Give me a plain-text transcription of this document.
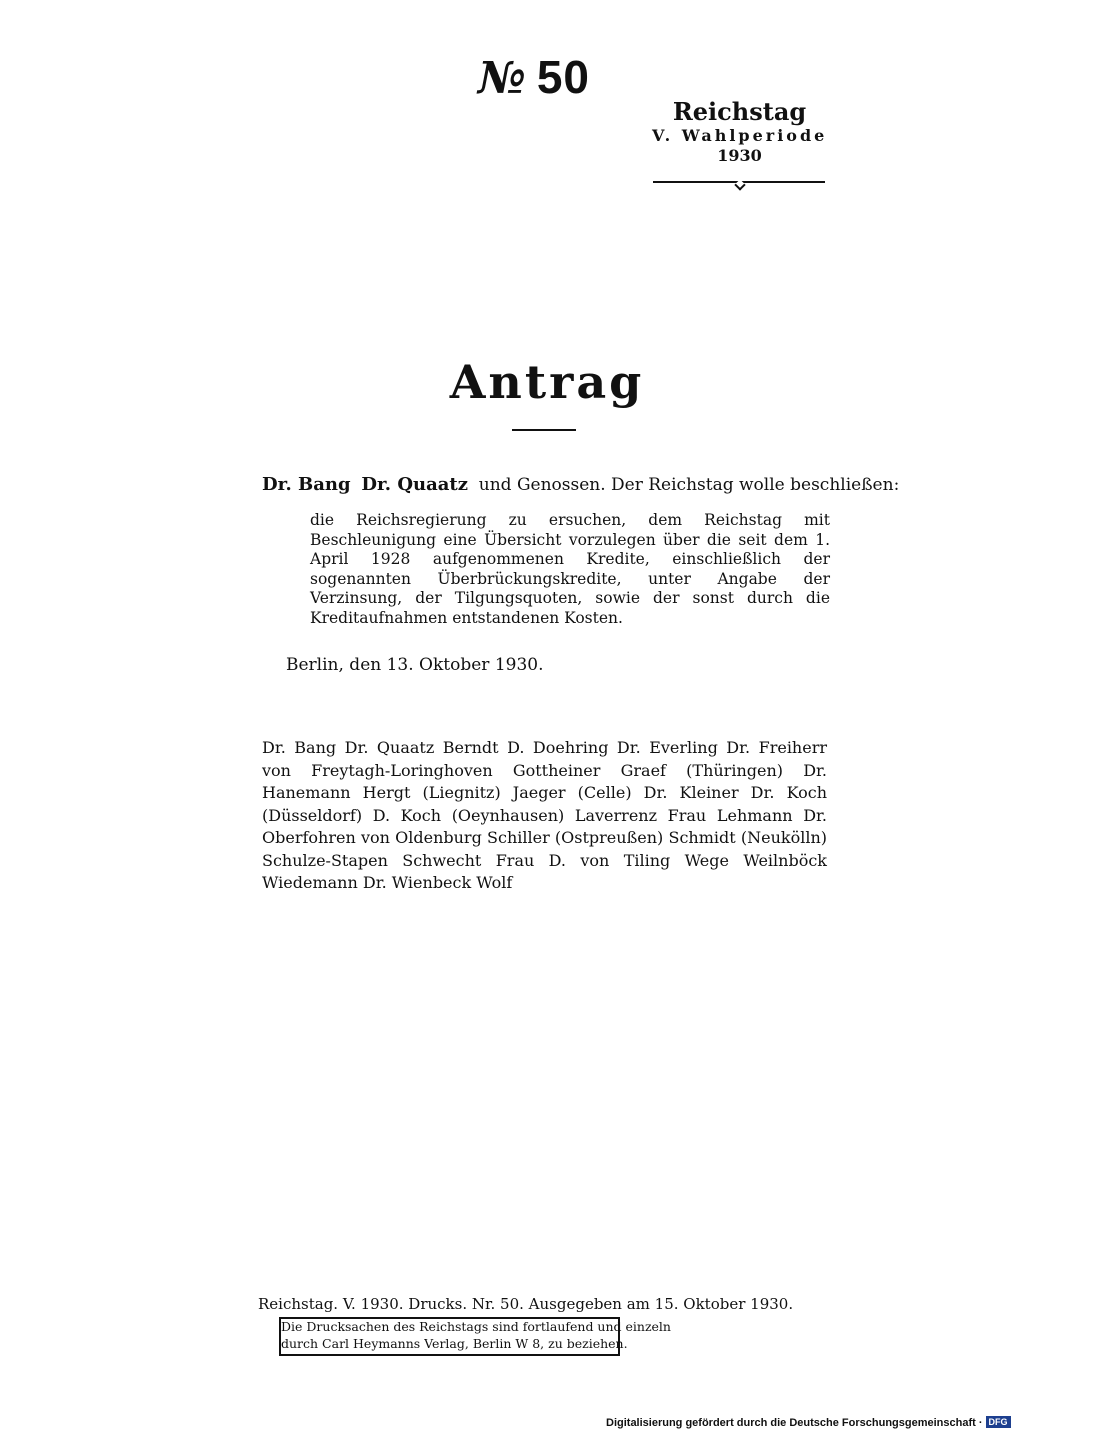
№ 50
Reichstag
V. Wahlperiode
1930
Antrag
Dr. Bang Dr. Quaatz und Genossen. Der Reichstag wolle beschließen:
die Reichsregierung zu ersuchen, dem Reichstag mit Beschleunigung eine Übersicht vorzulegen über die seit dem 1. April 1928 aufgenommenen Kredite, einschließlich der sogenannten Überbrückungskredite, unter Angabe der Verzinsung, der Tilgungsquoten, sowie der sonst durch die Kreditaufnahmen entstandenen Kosten.
Berlin, den 13. Oktober 1930.
Dr. Bang Dr. Quaatz Berndt D. Doehring Dr. Everling Dr. Freiherr von Freytagh-Loringhoven Gottheiner Graef (Thüringen) Dr. Hanemann Hergt (Liegnitz) Jaeger (Celle) Dr. Kleiner Dr. Koch (Düsseldorf) D. Koch (Oeynhausen) Laverrenz Frau Lehmann Dr. Oberfohren von Oldenburg Schiller (Ostpreußen) Schmidt (Neukölln) Schulze-Stapen Schwecht Frau D. von Tiling Wege Weilnböck Wiedemann Dr. Wienbeck Wolf
Reichstag. V. 1930. Drucks. Nr. 50. Ausgegeben am 15. Oktober 1930.
Die Drucksachen des Reichstags sind fortlaufend und einzeln
durch Carl Heymanns Verlag, Berlin W 8, zu beziehen.
Digitalisierung gefördert durch die Deutsche Forschungsgemeinschaft · DFG
